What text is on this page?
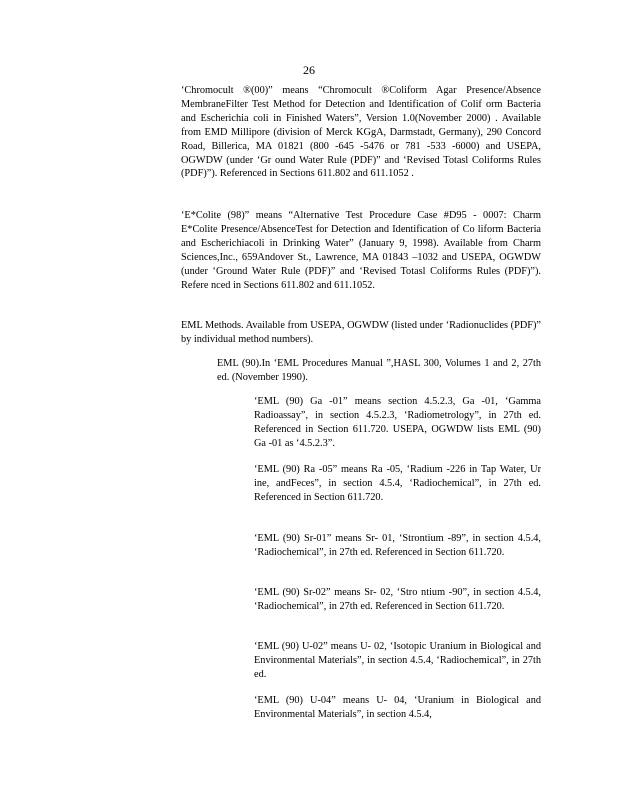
26
‘Chromocult ®(00)” means “Chromocult ®Coliform Agar Presence/Absence MembraneFilter Test Method for Detection and Identification of Colif orm Bacteria and Escherichia coli in Finished Waters”, Version 1.0(November 2000) . Available from EMD Millipore (division of Merck KGgA, Darmstadt, Germany), 290 Concord Road, Billerica, MA 01821 (800 -645 -5476 or 781 -533 -6000) and USEPA, OGWDW (under ‘Gr ound Water Rule (PDF)” and ‘Revised Totasl Coliforms Rules (PDF)”). Referenced in Sections 611.802 and 611.1052 .
‘E*Colite (98)” means “Alternative Test Procedure Case #D95 - 0007: Charm E*Colite Presence/AbsenceTest for Detection and Identification of Co liform Bacteria and Escherichiacoli in Drinking Water” (January 9, 1998). Available from Charm Sciences,Inc., 659Andover St., Lawrence, MA 01843 –1032 and USEPA, OGWDW (under ‘Ground Water Rule (PDF)” and ‘Revised Totasl Coliforms Rules (PDF)”). Refere nced in Sections 611.802 and 611.1052.
EML Methods. Available from USEPA, OGWDW (listed under ‘Radionuclides (PDF)” by individual method numbers).
EML (90).In ‘EML Procedures Manual ”,HASL 300, Volumes 1 and 2, 27th ed. (November 1990).
‘EML (90) Ga -01” means section 4.5.2.3, Ga -01, ‘Gamma Radioassay”, in section 4.5.2.3, ‘Radiometrology”, in 27th ed. Referenced in Section 611.720. USEPA, OGWDW lists EML (90) Ga -01 as ‘4.5.2.3”.
‘EML (90) Ra -05” means Ra -05, ‘Radium -226 in Tap Water, Ur ine, andFeces”, in section 4.5.4, ‘Radiochemical”, in 27th ed. Referenced in Section 611.720.
‘EML (90) Sr-01” means Sr- 01, ‘Strontium -89”, in section 4.5.4, ‘Radiochemical”, in 27th ed. Referenced in Section 611.720.
‘EML (90) Sr-02” means Sr- 02, ‘Stro ntium -90”, in section 4.5.4, ‘Radiochemical”, in 27th ed. Referenced in Section 611.720.
‘EML (90) U-02” means U- 02, ‘Isotopic Uranium in Biological and Environmental Materials”, in section 4.5.4, ‘Radiochemical”, in 27th ed.
‘EML (90) U-04” means U- 04, ‘Uranium in Biological and Environmental Materials”, in section 4.5.4,
